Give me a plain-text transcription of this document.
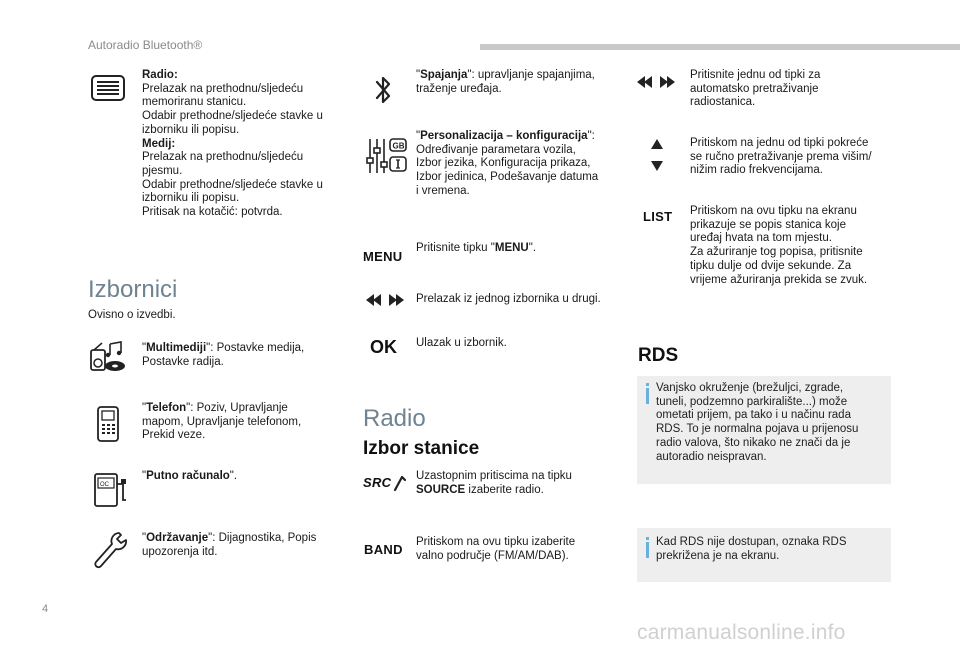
Autoradio Bluetooth®
Radio:
Prelazak na prethodnu/sljedeću
memoriranu stanicu.
Odabir prethodne/sljedeće stavke u
izborniku ili popisu.
Medij:
Prelazak na prethodnu/sljedeću
pjesmu.
Odabir prethodne/sljedeće stavke u
izborniku ili popisu.
Pritisak na kotačić: potvrda.
Izbornici
Ovisno o izvedbi.
"Multimediji": Postavke medija,
Postavke radija.
"Telefon": Poziv, Upravljanje
mapom, Upravljanje telefonom,
Prekid veze.
OC
"Putno računalo".
"Održavanje": Dijagnostika, Popis
upozorenja itd.
"Spajanja": upravljanje spajanjima,
traženje uređaja.
GB
"Personalizacija – konfiguracija":
Određivanje parametara vozila,
Izbor jezika, Konfiguracija prikaza,
Izbor jedinica, Podešavanje datuma
i vremena.
MENU
Pritisnite tipku "MENU".
Prelazak iz jednog izbornika u drugi.
OK Ulazak u izbornik.
Radio
Izbor stanice
SRC	Uzastopnim pritiscima na tipku
SOURCE izaberite radio.
BAND Pritiskom na ovu tipku izaberite
valno područje (FM/AM/DAB).
Pritisnite jednu od tipki za
automatsko pretraživanje
radiostanica.
Pritiskom na jednu od tipki pokreće
se ručno pretraživanje prema višim/
nižim radio frekvencijama.
LIST Pritiskom na ovu tipku na ekranu
prikazuje se popis stanica koje
uređaj hvata na tom mjestu.
Za ažuriranje tog popisa, pritisnite
tipku dulje od dvije sekunde. Za
vrijeme ažuriranja prekida se zvuk.
RDS
Vanjsko okruženje (brežuljci, zgrade,
tuneli, podzemno parkiralište...) može
ometati prijem, pa tako i u načinu rada
RDS. To je normalna pojava u prijenosu
radio valova, što nikako ne znači da je
autoradio neispravan.
Kad RDS nije dostupan, oznaka RDS
prekrižena je na ekranu.
4
carmanualsonline.info
